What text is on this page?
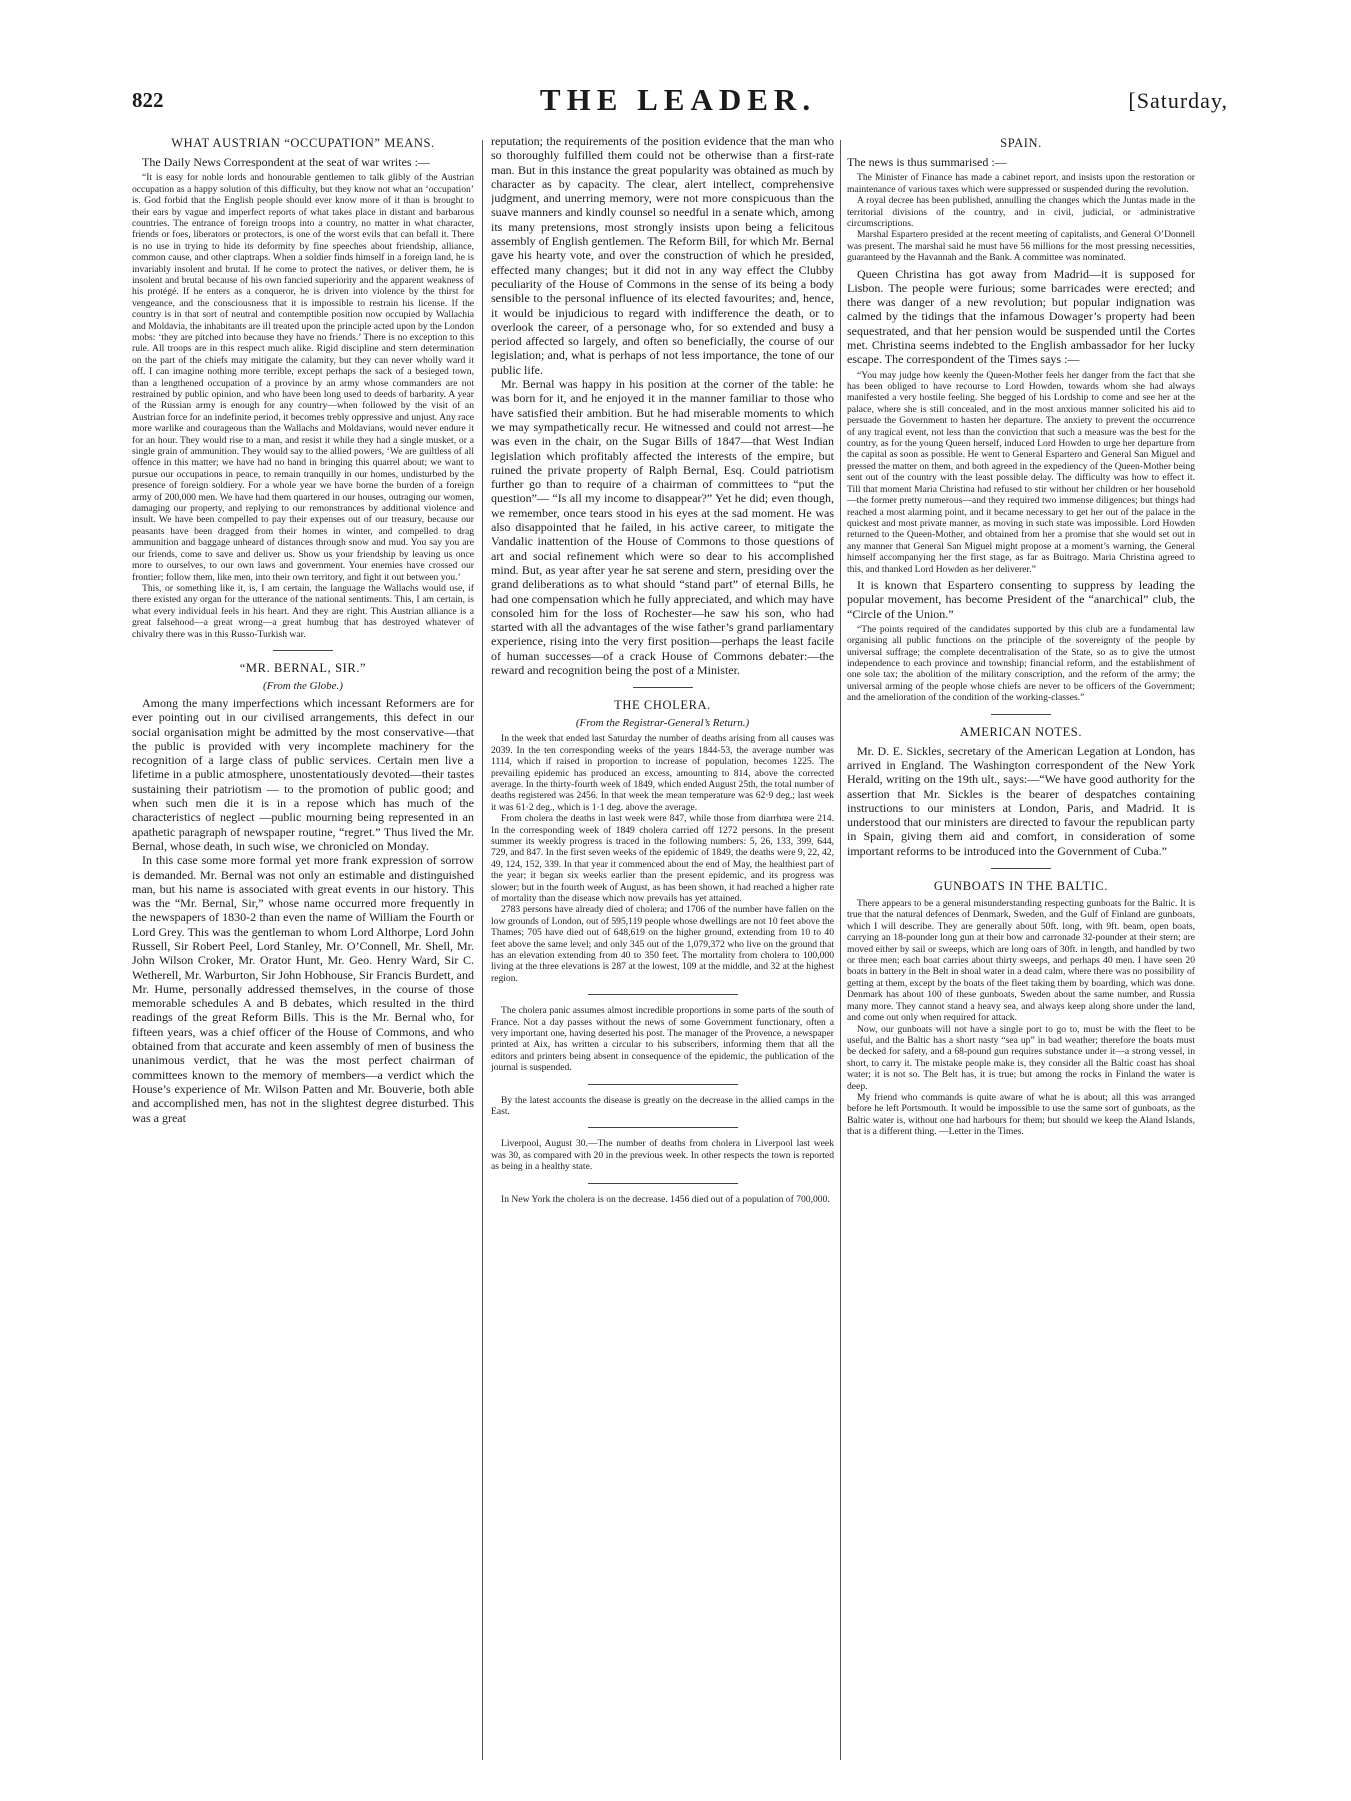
822	THE LEADER.	[Saturday,
WHAT AUSTRIAN “OCCUPATION” MEANS.

The Daily News Correspondent at the seat of war writes :—

“It is easy for noble lords and honourable gentlemen to talk glibly of the Austrian occupation as a happy solution of this difficulty, but they know not what an ‘occupation’ is. God forbid that the English people should ever know more of it than is brought to their ears by vague and imperfect reports of what takes place in distant and barbarous countries. The entrance of foreign troops into a country, no matter in what character, friends or foes, liberators or protectors, is one of the worst evils that can befall it. There is no use in trying to hide its deformity by fine speeches about friendship, alliance, common cause, and other claptraps. When a soldier finds himself in a foreign land, he is invariably insolent and brutal. If he come to protect the natives, or deliver them, he is insolent and brutal because of his own fancied superiority and the apparent weakness of his protégé. If he enters as a conqueror, he is driven into violence by the thirst for vengeance, and the consciousness that it is impossible to restrain his license. If the country is in that sort of neutral and contemptible position now occupied by Wallachia and Moldavia, the inhabitants are ill treated upon the principle acted upon by the London mobs: ‘they are pitched into because they have no friends.’ There is no exception to this rule. All troops are in this respect much alike. Rigid discipline and stern determination on the part of the chiefs may mitigate the calamity, but they can never wholly ward it off. I can imagine nothing more terrible, except perhaps the sack of a besieged town, than a lengthened occupation of a province by an army whose commanders are not restrained by public opinion, and who have been long used to deeds of barbarity. A year of the Russian army is enough for any country—when followed by the visit of an Austrian force for an indefinite period, it becomes trebly oppressive and unjust. Any race more warlike and courageous than the Wallachs and Moldavians, would never endure it for an hour. They would rise to a man, and resist it while they had a single musket, or a single grain of ammunition. They would say to the allied powers, ‘We are guiltless of all offence in this matter; we have had no hand in bringing this quarrel about; we want to pursue our occupations in peace, to remain tranquilly in our homes, undisturbed by the presence of foreign soldiery. For a whole year we have borne the burden of a foreign army of 200,000 men. We have had them quartered in our houses, outraging our women, damaging our property, and replying to our remonstrances by additional violence and insult. We have been compelled to pay their expenses out of our treasury, because our peasants have been dragged from their homes in winter, and compelled to drag ammunition and baggage unheard of distances through snow and mud. You say you are our friends, come to save and deliver us. Show us your friendship by leaving us once more to ourselves, to our own laws and government. Your enemies have crossed our frontier; follow them, like men, into their own territory, and fight it out between you.’

This, or something like it, is, I am certain, the language the Wallachs would use, if there existed any organ for the utterance of the national sentiments. This, I am certain, is what every individual feels in his heart. And they are right. This Austrian alliance is a great falsehood—a great wrong—a great humbug that has destroyed whatever of chivalry there was in this Russo-Turkish war.

“MR. BERNAL, SIR.”
(From the Globe.)

Among the many imperfections which incessant Reformers are for ever pointing out in our civilised arrangements, this defect in our social organisation might be admitted by the most conservative—that the public is provided with very incomplete machinery for the recognition of a large class of public services. Certain men live a lifetime in a public atmosphere, unostentatiously devoted—their tastes sustaining their patriotism — to the promotion of public good; and when such men die it is in a repose which has much of the characteristics of neglect —public mourning being represented in an apathetic paragraph of newspaper routine, “regret.” Thus lived the Mr. Bernal, whose death, in such wise, we chronicled on Monday.

In this case some more formal yet more frank expression of sorrow is demanded. Mr. Bernal was not only an estimable and distinguished man, but his name is associated with great events in our history. This was the “Mr. Bernal, Sir,” whose name occurred more frequently in the newspapers of 1830-2 than even the name of William the Fourth or Lord Grey. This was the gentleman to whom Lord Althorpe, Lord John Russell, Sir Robert Peel, Lord Stanley, Mr. O’Connell, Mr. Shell, Mr. John Wilson Croker, Mr. Orator Hunt, Mr. Geo. Henry Ward, Sir C. Wetherell, Mr. Warburton, Sir John Hobhouse, Sir Francis Burdett, and Mr. Hume, personally addressed themselves, in the course of those memorable schedules A and B debates, which resulted in the third readings of the great Reform Bills. This is the Mr. Bernal who, for fifteen years, was a chief officer of the House of Commons, and who obtained from that accurate and keen assembly of men of business the unanimous verdict, that he was the most perfect chairman of committees known to the memory of members—a verdict which the House’s experience of Mr. Wilson Patten and Mr. Bouverie, both able and accomplished men, has not in the slightest degree disturbed. This was a great

reputation; the requirements of the position evidence that the man who so thoroughly fulfilled them could not be otherwise than a first-rate man. But in this instance the great popularity was obtained as much by character as by capacity. The clear, alert intellect, comprehensive judgment, and unerring memory, were not more conspicuous than the suave manners and kindly counsel so needful in a senate which, among its many pretensions, most strongly insists upon being a felicitous assembly of English gentlemen. The Reform Bill, for which Mr. Bernal gave his hearty vote, and over the construction of which he presided, effected many changes; but it did not in any way effect the Clubby peculiarity of the House of Commons in the sense of its being a body sensible to the personal influence of its elected favourites; and, hence, it would be injudicious to regard with indifference the death, or to overlook the career, of a personage who, for so extended and busy a period affected so largely, and often so beneficially, the course of our legislation; and, what is perhaps of not less importance, the tone of our public life.

Mr. Bernal was happy in his position at the corner of the table: he was born for it, and he enjoyed it in the manner familiar to those who have satisfied their ambition. But he had miserable moments to which we may sympathetically recur. He witnessed and could not arrest—he was even in the chair, on the Sugar Bills of 1847—that West Indian legislation which profitably affected the interests of the empire, but ruined the private property of Ralph Bernal, Esq. Could patriotism further go than to require of a chairman of committees to “put the question”— “Is all my income to disappear?” Yet he did; even though, we remember, once tears stood in his eyes at the sad moment. He was also disappointed that he failed, in his active career, to mitigate the Vandalic inattention of the House of Commons to those questions of art and social refinement which were so dear to his accomplished mind. But, as year after year he sat serene and stern, presiding over the grand deliberations as to what should “stand part” of eternal Bills, he had one compensation which he fully appreciated, and which may have consoled him for the loss of Rochester—he saw his son, who had started with all the advantages of the wise father’s grand parliamentary experience, rising into the very first position—perhaps the least facile of human successes—of a crack House of Commons debater:—the reward and recognition being the post of a Minister.

THE CHOLERA.
(From the Registrar-General’s Return.)

In the week that ended last Saturday the number of deaths arising from all causes was 2039. In the ten corresponding weeks of the years 1844-53, the average number was 1114, which if raised in proportion to increase of population, becomes 1225. The prevailing epidemic has produced an excess, amounting to 814, above the corrected average. In the thirty-fourth week of 1849, which ended August 25th, the total number of deaths registered was 2456. In that week the mean temperature was 62·9 deg.; last week it was 61·2 deg., which is 1·1 deg. above the average.

From cholera the deaths in last week were 847, while those from diarrhœa were 214. In the corresponding week of 1849 cholera carried off 1272 persons. In the present summer its weekly progress is traced in the following numbers: 5, 26, 133, 399, 644, 729, and 847. In the first seven weeks of the epidemic of 1849, the deaths were 9, 22, 42, 49, 124, 152, 339. In that year it commenced about the end of May, the healthiest part of the year; it began six weeks earlier than the present epidemic, and its progress was slower; but in the fourth week of August, as has been shown, it had reached a higher rate of mortality than the disease which now prevails has yet attained.

2783 persons have already died of cholera; and 1706 of the number have fallen on the low grounds of London, out of 595,119 people whose dwellings are not 10 feet above the Thames; 705 have died out of 648,619 on the higher ground, extending from 10 to 40 feet above the same level; and only 345 out of the 1,079,372 who live on the ground that has an elevation extending from 40 to 350 feet. The mortality from cholera to 100,000 living at the three elevations is 287 at the lowest, 109 at the middle, and 32 at the highest region.

The cholera panic assumes almost incredible proportions in some parts of the south of France. Not a day passes without the news of some Government functionary, often a very important one, having deserted his post. The manager of the Provence, a newspaper printed at Aix, has written a circular to his subscribers, informing them that all the editors and printers being absent in consequence of the epidemic, the publication of the journal is suspended.

By the latest accounts the disease is greatly on the decrease in the allied camps in the East.

Liverpool, August 30.—The number of deaths from cholera in Liverpool last week was 30, as compared with 20 in the previous week. In other respects the town is reported as being in a healthy state.

In New York the cholera is on the decrease. 1456 died out of a population of 700,000.

SPAIN.

The news is thus summarised :—

The Minister of Finance has made a cabinet report, and insists upon the restoration or maintenance of various taxes which were suppressed or suspended during the revolution.

A royal decree has been published, annulling the changes which the Juntas made in the territorial divisions of the country, and in civil, judicial, or administrative circumscriptions.

Marshal Espartero presided at the recent meeting of capitalists, and General O’Donnell was present. The marshal said he must have 56 millions for the most pressing necessities, guaranteed by the Havannah and the Bank. A committee was nominated.

Queen Christina has got away from Madrid—it is supposed for Lisbon. The people were furious; some barricades were erected; and there was danger of a new revolution; but popular indignation was calmed by the tidings that the infamous Dowager’s property had been sequestrated, and that her pension would be suspended until the Cortes met. Christina seems indebted to the English ambassador for her lucky escape. The correspondent of the Times says :—

“You may judge how keenly the Queen-Mother feels her danger from the fact that she has been obliged to have recourse to Lord Howden, towards whom she had always manifested a very hostile feeling. She begged of his Lordship to come and see her at the palace, where she is still concealed, and in the most anxious manner solicited his aid to persuade the Government to hasten her departure. The anxiety to prevent the occurrence of any tragical event, not less than the conviction that such a measure was the best for the country, as for the young Queen herself, induced Lord Howden to urge her departure from the capital as soon as possible. He went to General Espartero and General San Miguel and pressed the matter on them, and both agreed in the expediency of the Queen-Mother being sent out of the country with the least possible delay. The difficulty was how to effect it. Till that moment Maria Christina had refused to stir without her children or her household—the former pretty numerous—and they required two immense diligences; but things had reached a most alarming point, and it became necessary to get her out of the palace in the quickest and most private manner, as moving in such state was impossible. Lord Howden returned to the Queen-Mother, and obtained from her a promise that she would set out in any manner that General San Miguel might propose at a moment’s warning, the General himself accompanying her the first stage, as far as Buitrago. Maria Christina agreed to this, and thanked Lord Howden as her deliverer.”

It is known that Espartero consenting to suppress by leading the popular movement, has become President of the “anarchical” club, the “Circle of the Union.”

“The points required of the candidates supported by this club are a fundamental law organising all public functions on the principle of the sovereignty of the people by universal suffrage; the complete decentralisation of the State, so as to give the utmost independence to each province and township; financial reform, and the establishment of one sole tax; the abolition of the military conscription, and the reform of the army; the universal arming of the people whose chiefs are never to be officers of the Government; and the amelioration of the condition of the working-classes.”

AMERICAN NOTES.

Mr. D. E. Sickles, secretary of the American Legation at London, has arrived in England. The Washington correspondent of the New York Herald, writing on the 19th ult., says:—“We have good authority for the assertion that Mr. Sickles is the bearer of despatches containing instructions to our ministers at London, Paris, and Madrid. It is understood that our ministers are directed to favour the republican party in Spain, giving them aid and comfort, in consideration of some important reforms to be introduced into the Government of Cuba.”

GUNBOATS IN THE BALTIC.

There appears to be a general misunderstanding respecting gunboats for the Baltic. It is true that the natural defences of Denmark, Sweden, and the Gulf of Finland are gunboats, which I will describe. They are generally about 50ft. long, with 9ft. beam, open boats, carrying an 18-pounder long gun at their bow and carronade 32-pounder at their stern; are moved either by sail or sweeps, which are long oars of 30ft. in length, and handled by two or three men; each boat carries about thirty sweeps, and perhaps 40 men. I have seen 20 boats in battery in the Belt in shoal water in a dead calm, where there was no possibility of getting at them, except by the boats of the fleet taking them by boarding, which was done. Denmark has about 100 of these gunboats, Sweden about the same number, and Russia many more. They cannot stand a heavy sea, and always keep along shore under the land, and come out only when required for attack.

Now, our gunboats will not have a single port to go to, must be with the fleet to be useful, and the Baltic has a short nasty “sea up” in bad weather; therefore the boats must be decked for safety, and a 68-pound gun requires substance under it—a strong vessel, in short, to carry it. The mistake people make is, they consider all the Baltic coast has shoal water; it is not so. The Belt has, it is true; but among the rocks in Finland the water is deep.

My friend who commands is quite aware of what he is about; all this was arranged before he left Portsmouth. It would be impossible to use the same sort of gunboats, as the Baltic water is, without one had harbours for them; but should we keep the Aland Islands, that is a different thing. —Letter in the Times.
